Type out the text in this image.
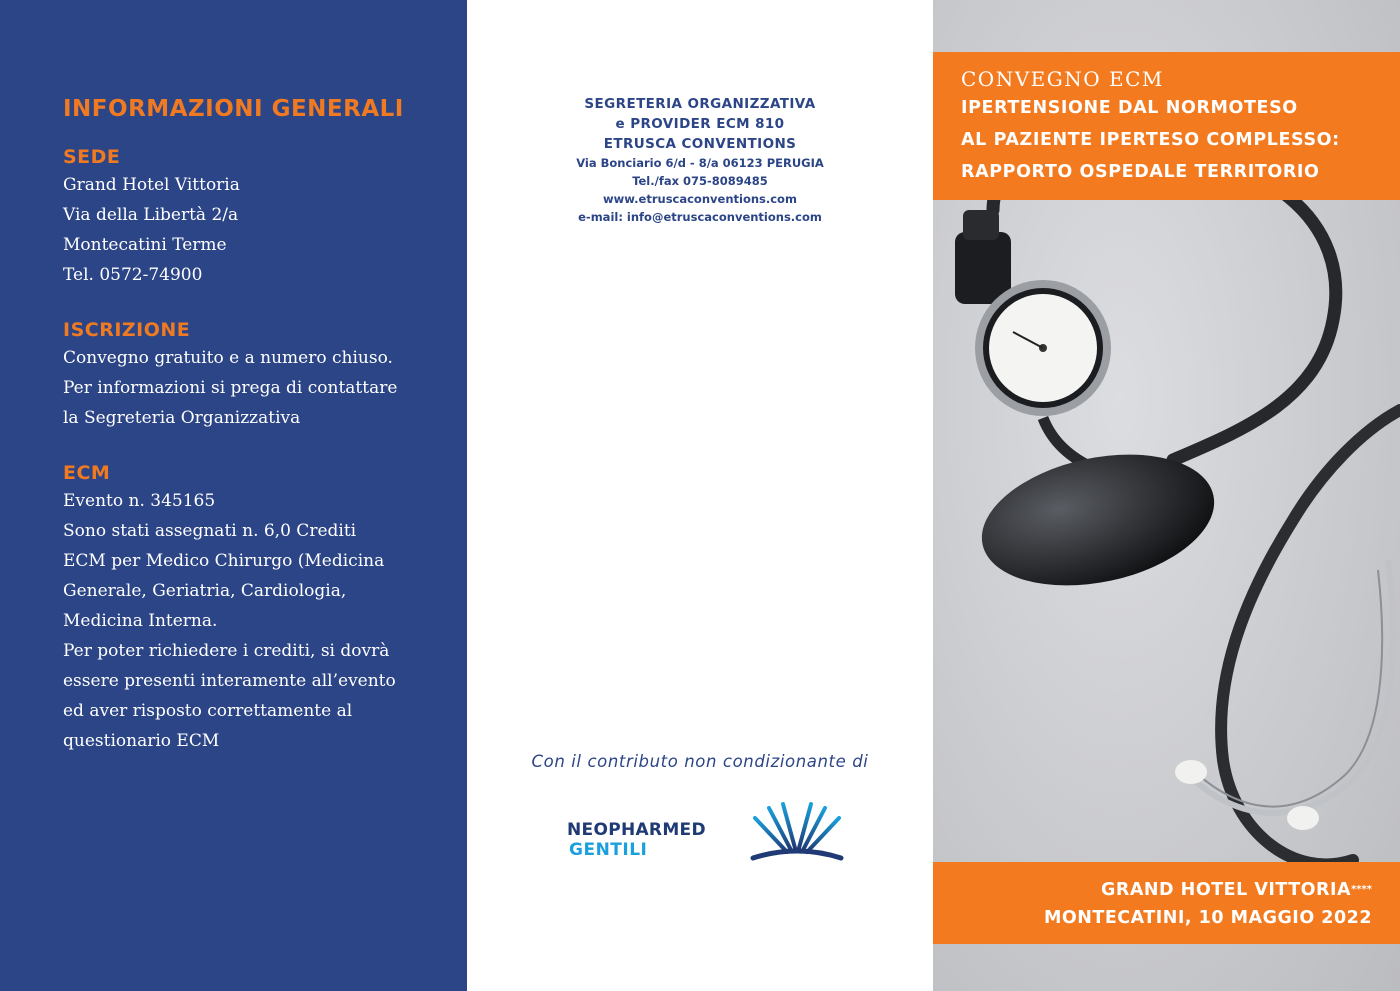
INFORMAZIONI GENERALI
SEDE

Grand Hotel Vittoria
Via della Libertà 2/a
Montecatini Terme
Tel. 0572-74900

ISCRIZIONE

Convegno gratuito e a numero chiuso.
Per informazioni si prega di contattare
la Segreteria Organizzativa

ECM

Evento n. 345165
Sono stati assegnati n. 6,0 Crediti
ECM per Medico Chirurgo (Medicina
Generale, Geriatria, Cardiologia,
Medicina Interna.
Per poter richiedere i crediti, si dovrà
essere presenti interamente all’evento
ed aver risposto correttamente al
questionario ECM

SEGRETERIA ORGANIZZATIVA
e PROVIDER ECM 810
ETRUSCA CONVENTIONS
Via Bonciario 6/d - 8/a 06123 PERUGIA
Tel./fax 075-8089485
www.etruscaconventions.com
e-mail: info@etruscaconventions.com
Con il contributo non condizionante di
NEOPHARMED
GENTILI
CONVEGNO ECM
IPERTENSIONE DAL NORMOTESO
AL PAZIENTE IPERTESO COMPLESSO:
RAPPORTO OSPEDALE TERRITORIO
GRAND HOTEL VITTORIA****
MONTECATINI, 10 MAGGIO 2022
